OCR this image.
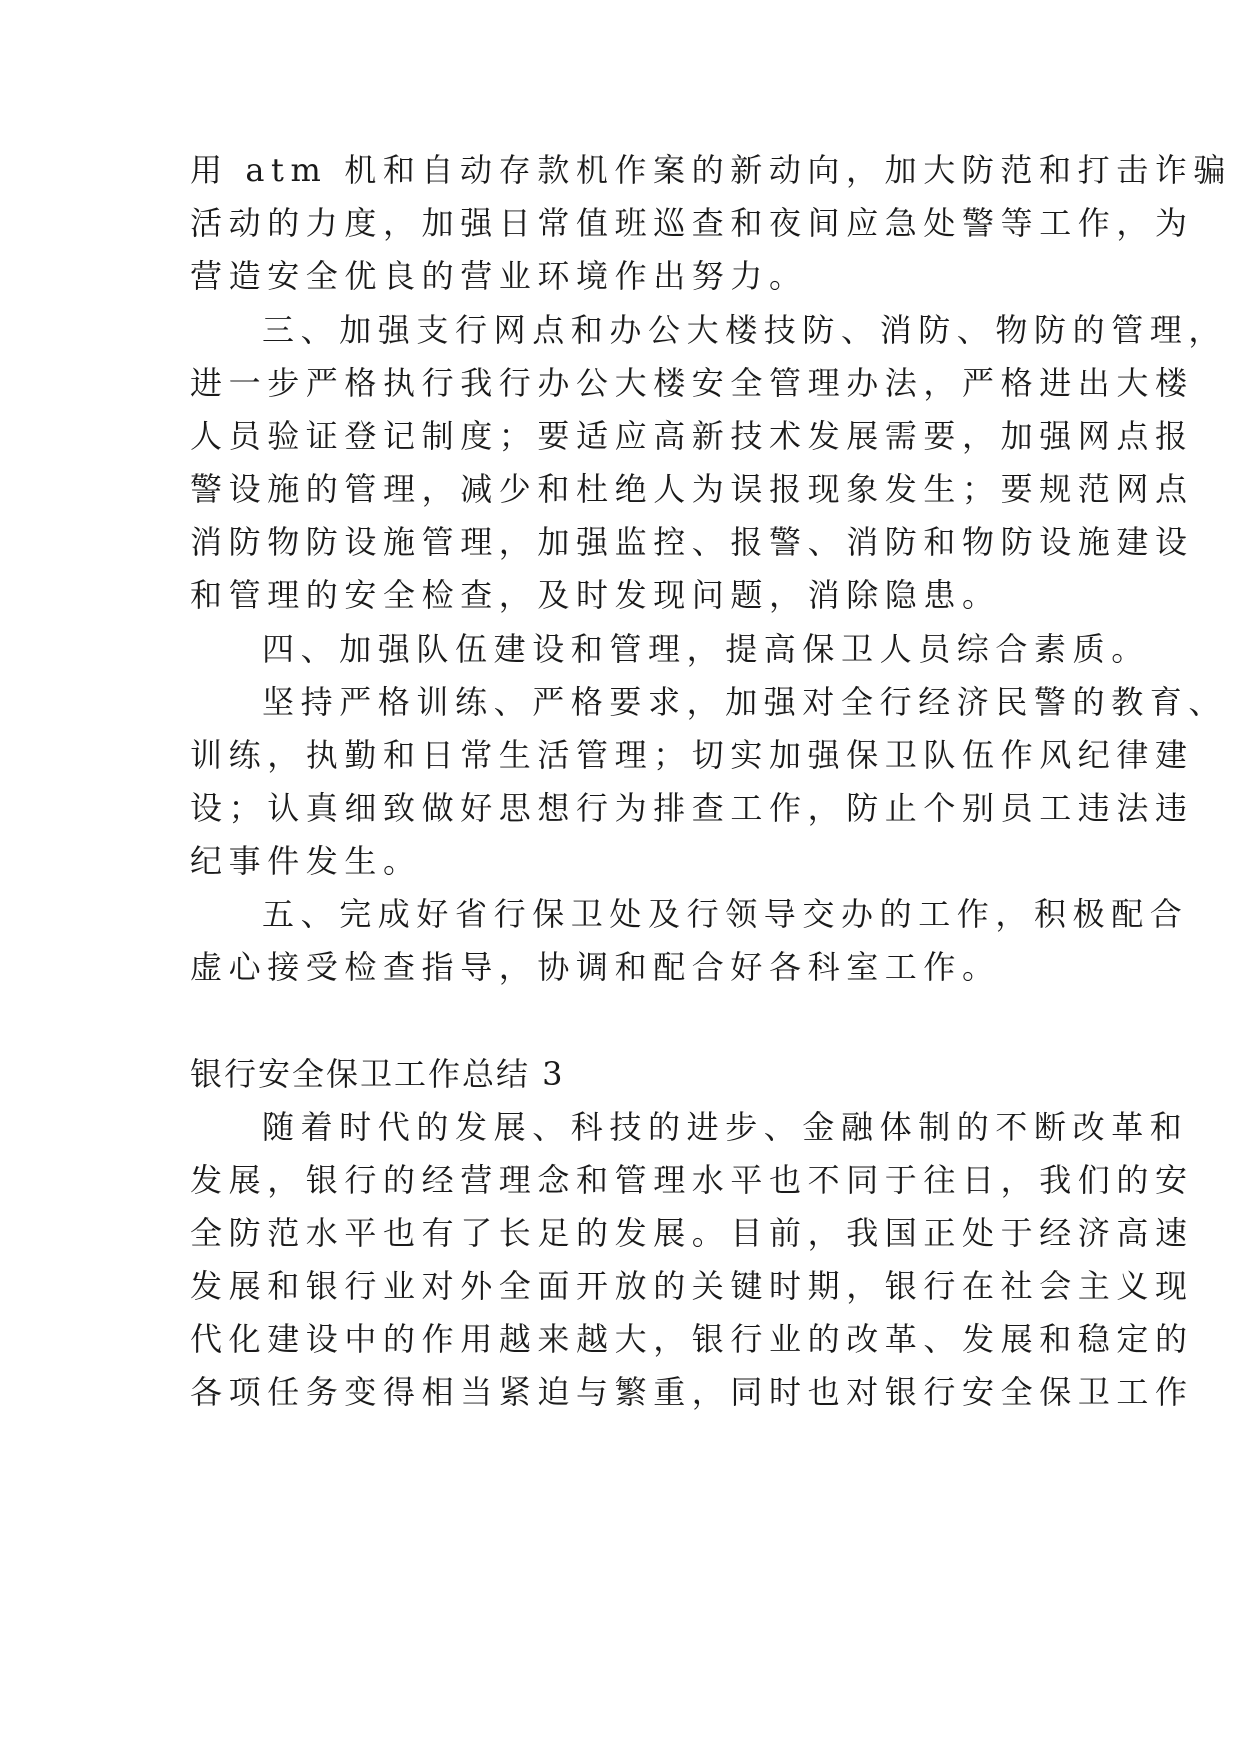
用 atm 机和自动存款机作案的新动向，加大防范和打击诈骗
活动的力度，加强日常值班巡查和夜间应急处警等工作，为
营造安全优良的营业环境作出努力。
三、加强支行网点和办公大楼技防、消防、物防的管理，
进一步严格执行我行办公大楼安全管理办法，严格进出大楼
人员验证登记制度；要适应高新技术发展需要，加强网点报
警设施的管理，减少和杜绝人为误报现象发生；要规范网点
消防物防设施管理，加强监控、报警、消防和物防设施建设
和管理的安全检查，及时发现问题，消除隐患。
四、加强队伍建设和管理，提高保卫人员综合素质。
坚持严格训练、严格要求，加强对全行经济民警的教育、
训练，执勤和日常生活管理；切实加强保卫队伍作风纪律建
设；认真细致做好思想行为排查工作，防止个别员工违法违
纪事件发生。
五、完成好省行保卫处及行领导交办的工作，积极配合
虚心接受检查指导，协调和配合好各科室工作。
银行安全保卫工作总结 3
随着时代的发展、科技的进步、金融体制的不断改革和
发展，银行的经营理念和管理水平也不同于往日，我们的安
全防范水平也有了长足的发展。目前，我国正处于经济高速
发展和银行业对外全面开放的关键时期，银行在社会主义现
代化建设中的作用越来越大，银行业的改革、发展和稳定的
各项任务变得相当紧迫与繁重，同时也对银行安全保卫工作
